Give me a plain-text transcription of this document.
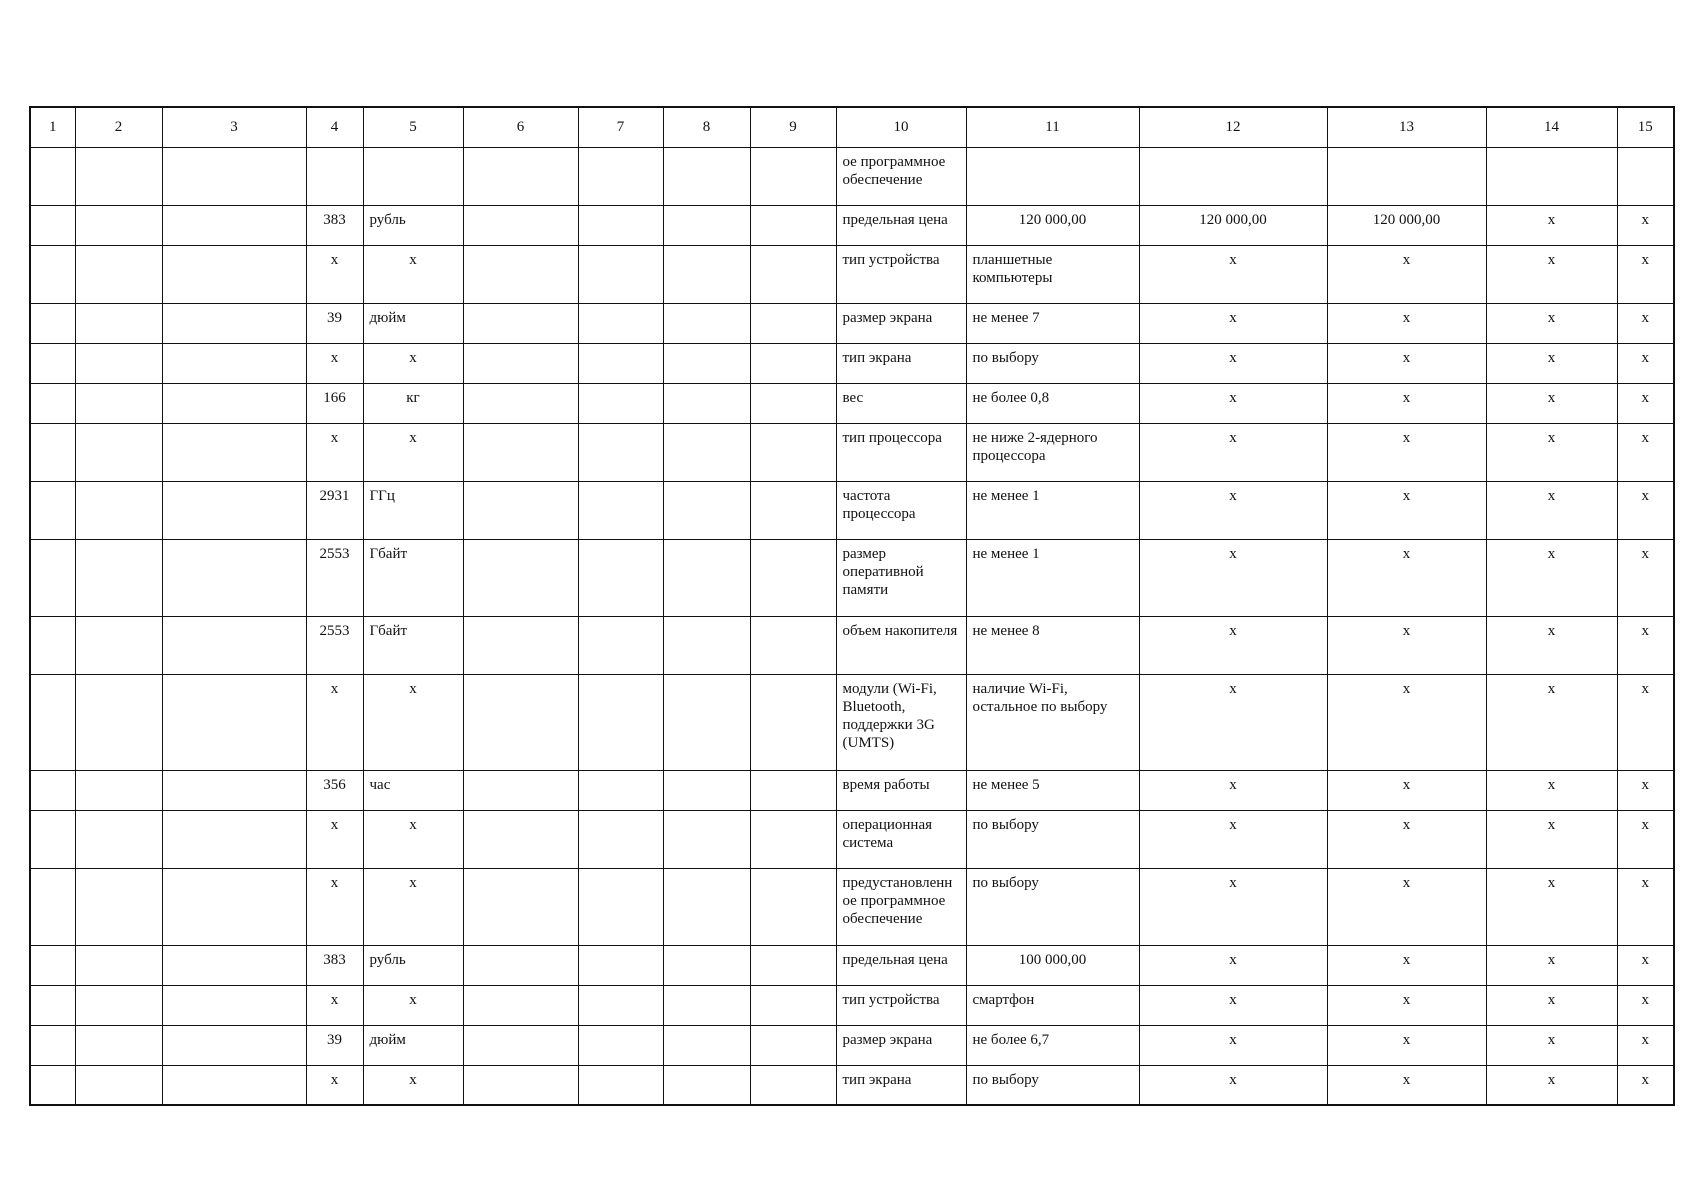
1	2	3	4	5	6	7	8	9	10	11	12	13	14	15
									ое программное обеспечение					
			383	рубль					предельная цена	120 000,00	120 000,00	120 000,00	x	x
			x	x					тип устройства	планшетные компьютеры	x	x	x	x
			39	дюйм					размер экрана	не менее 7	x	x	x	x
			x	x					тип экрана	по выбору	x	x	x	x
			166	кг					вес	не более 0,8	x	x	x	x
			x	x					тип процессора	не ниже 2-ядерного процессора	x	x	x	x
			2931	ГГц					частота процессора	не менее 1	x	x	x	x
			2553	Гбайт					размер оперативной памяти	не менее 1	x	x	x	x
			2553	Гбайт					объем накопителя	не менее 8	x	x	x	x
			x	x					модули (Wi-Fi, Bluetooth, поддержки 3G (UMTS)	наличие Wi-Fi, остальное по выбору	x	x	x	x
			356	час					время работы	не менее 5	x	x	x	x
			x	x					операционная система	по выбору	x	x	x	x
			x	x					предустановленн ое программное обеспечение	по выбору	x	x	x	x
			383	рубль					предельная цена	100 000,00	x	x	x	x
			x	x					тип устройства	смартфон	x	x	x	x
			39	дюйм					размер экрана	не более 6,7	x	x	x	x
			x	x					тип экрана	по выбору	x	x	x	x
